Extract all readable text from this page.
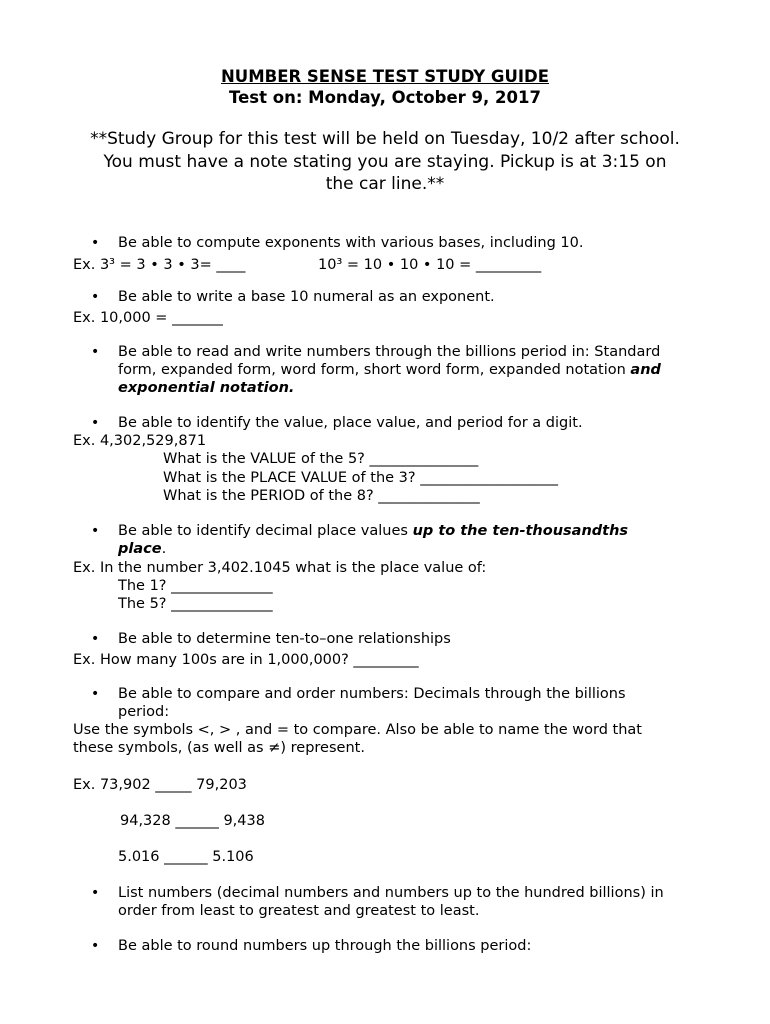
NUMBER SENSE TEST STUDY GUIDE
Test on: Monday, October 9, 2017
**Study Group for this test will be held on Tuesday, 10/2 after school.
You must have a note stating you are staying. Pickup is at 3:15 on
the car line.**
• Be able to compute exponents with various bases, including 10.
Ex. 3³ = 3 • 3 • 3= ____	10³ = 10 • 10 • 10 = _________
• Be able to write a base 10 numeral as an exponent.
Ex. 10,000 = _______
• Be able to read and write numbers through the billions period in: Standard form, expanded form, word form, short word form, expanded notation and exponential notation.
• Be able to identify the value, place value, and period for a digit.
Ex. 4,302,529,871
What is the VALUE of the 5? _______________
What is the PLACE VALUE of the 3? ___________________
What is the PERIOD of the 8? ______________
• Be able to identify decimal place values up to the ten-thousandths place.
Ex. In the number 3,402.1045 what is the place value of:
The 1? ______________
The 5? ______________
• Be able to determine ten-to–one relationships
Ex. How many 100s are in 1,000,000? _________
• Be able to compare and order numbers: Decimals through the billions
period:
Use the symbols <, > , and = to compare. Also be able to name the word that
these symbols, (as well as ≠) represent.
Ex. 73,902 _____ 79,203
94,328 ______ 9,438
5.016 ______ 5.106
• List numbers (decimal numbers and numbers up to the hundred billions) in
order from least to greatest and greatest to least.
• Be able to round numbers up through the billions period:
